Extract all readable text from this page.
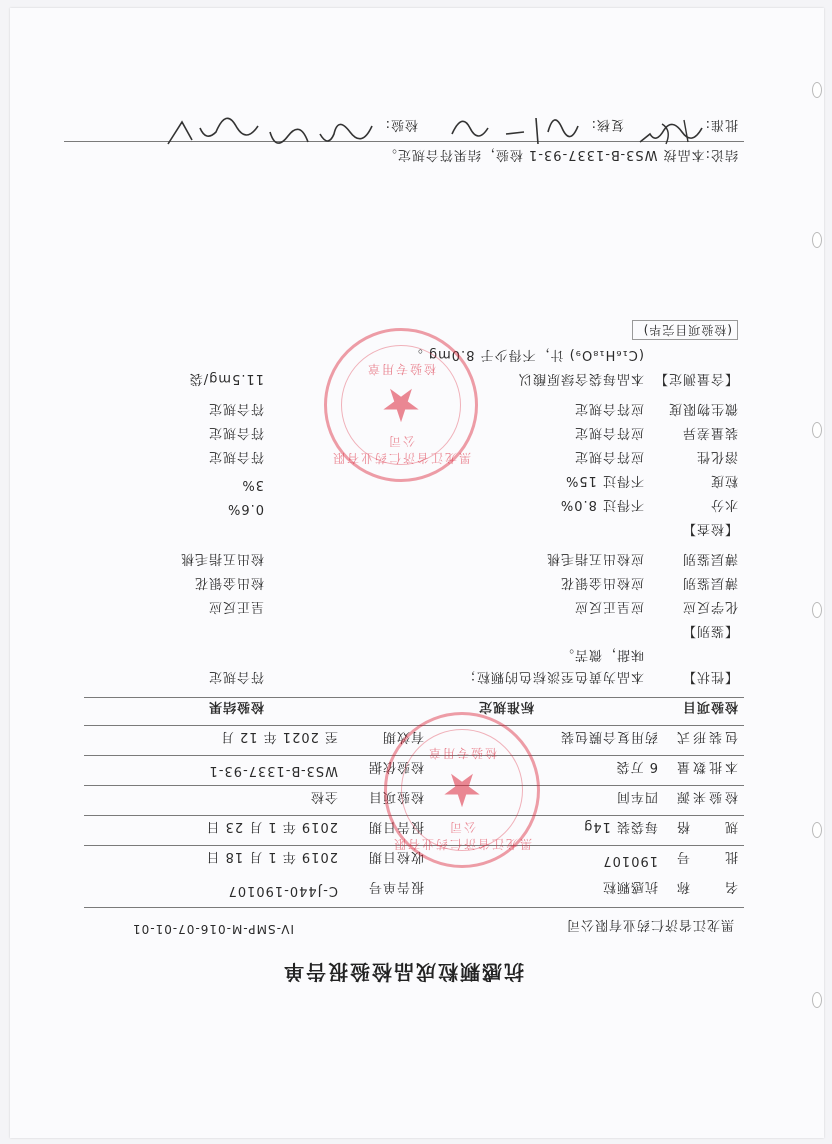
抗感颗粒成品检验报告单
黑龙江省济仁药业有限公司
IV-SMP-M-016-07-01-01
名　　称
抗感颗粒
报告单号
C-J440-190107
批　　号
190107
收检日期
2019 年 1 月 18 日
规　　格
每袋装 14g
报告日期
2019 年 1 月 23 日
检验来源
四车间
检验项目
全检
本批数量
6 万袋
检验依据
WS3-B-1337-93-1
包装形式
药用复合膜包装
有效期
至 2021 年 12 月
检验项目
标准规定
检验结果
【性状】
本品为黄色至淡棕色的颗粒；
符合规定
味甜，微苦。
【鉴别】
化学反应
应呈正反应
呈正反应
薄层鉴别
应检出金银花
检出金银花
薄层鉴别
应检出五指毛桃
检出五指毛桃
【检查】
水分
不得过 8.0%
0.6%
粒度
不得过 15%
3%
溶化性
应符合规定
符合规定
装量差异
应符合规定
符合规定
微生物限度
应符合规定
符合规定
【含量测定】
本品每袋含绿原酸以
11.5mg/袋
(C₁₆H₁₈O₉) 计，不得少于 8.0mg 。
(检验项目完毕)
结论:本品按 WS3-B-1337-93-1 检验，结果符合规定。
批准:
复核:
检验:
黑龙江省济仁药业有限公司
★
检验专用章
黑龙江省济仁药业有限公司
★
检验专用章
